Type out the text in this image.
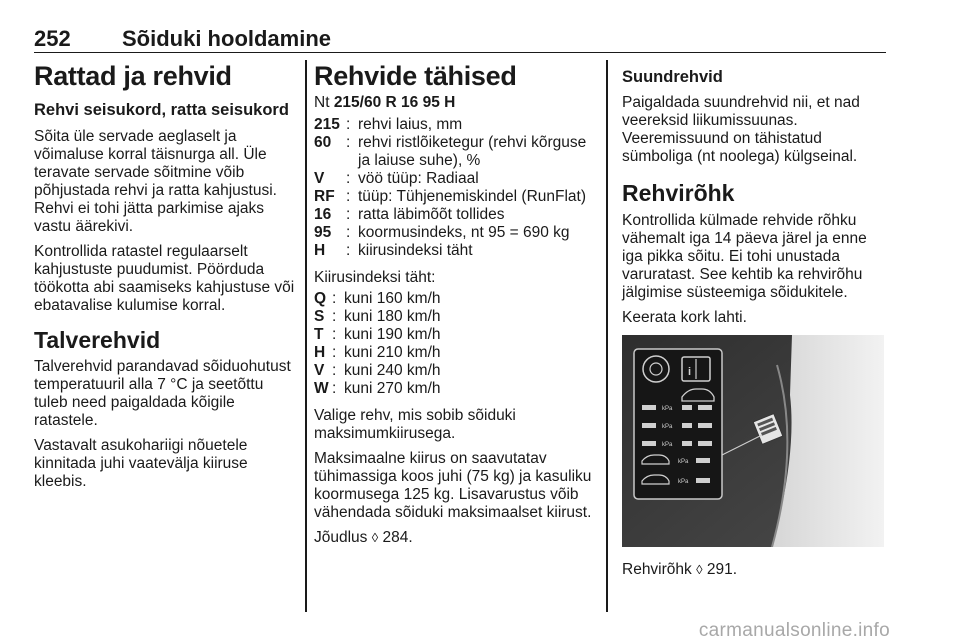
252 Sõiduki hooldamine
Rattad ja rehvid
Rehvi seisukord, ratta seisukord

Sõita üle servade aeglaselt ja võimaluse korral täisnurga all. Üle teravate servade sõitmine võib põhjustada rehvi ja ratta kahjustusi. Rehvi ei tohi jätta parkimise ajaks vastu äärekivi.

Kontrollida ratastel regulaarselt kahjustuste puudumist. Pöörduda töökotta abi saamiseks kahjustuse või ebatavalise kulumise korral.

Talverehvid

Talverehvid parandavad sõiduohutust temperatuuril alla 7 °C ja seetõttu tuleb need paigaldada kõigile ratastele.

Vastavalt asukohariigi nõuetele kinnitada juhi vaatevälja kiiruse kleebis.

Rehvide tähised
Nt 215/60 R 16 95 H
215 : rehvi laius, mm
60 : rehvi ristlõiketegur (rehvi kõrguse ja laiuse suhe), %
V	: vöö tüüp: Radiaal
RF : tüüp: Tühjenemiskindel (RunFlat)
16 : ratta läbimõõt tollides
95 : koormusindeks, nt 95 = 690 kg
H	: kiirusindeksi täht

Kiirusindeksi täht:

Q : kuni 160 km/h
S : kuni 180 km/h
T : kuni 190 km/h
H : kuni 210 km/h
V : kuni 240 km/h
W : kuni 270 km/h

Valige rehv, mis sobib sõiduki maksimumkiirusega.

Maksimaalne kiirus on saavutatav tühimassiga koos juhi (75 kg) ja kasuliku koormusega 125 kg. Lisavarustus võib vähendada sõiduki maksimaalset kiirust.

Jõudlus ◊ 284.

Suundrehvid

Paigaldada suundrehvid nii, et nad veereksid liikumissuunas. Veeremissuund on tähistatud sümboliga (nt noolega) külgseinal.

Rehvirõhk

Kontrollida külmade rehvide rõhku vähemalt iga 14 päeva järel ja enne iga pikka sõitu. Ei tohi unustada varuratast. See kehtib ka rehvirõhu jälgimise süsteemiga sõidukitele.

Keerata kork lahti.

i
kPa
kPa
kPa
kPa
kPa

Rehvirõhk ◊ 291.

carmanualsonline.info
